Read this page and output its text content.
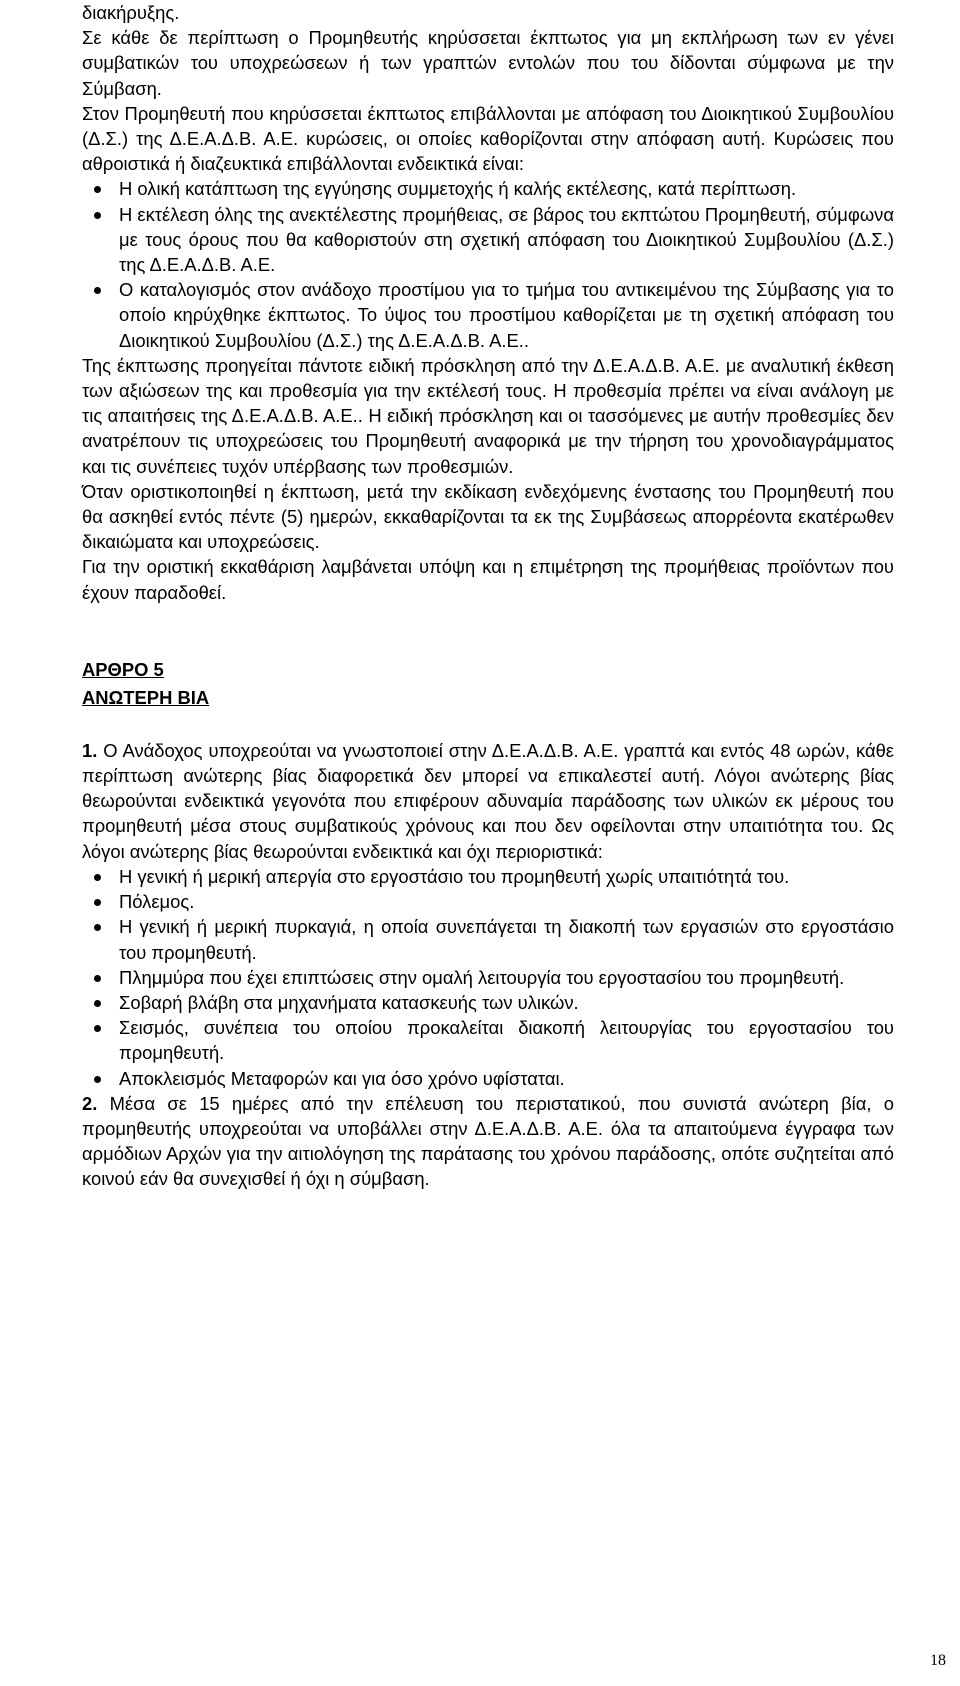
διακήρυξης.

Σε κάθε δε περίπτωση ο Προμηθευτής κηρύσσεται έκπτωτος για μη εκπλήρωση των εν γένει συμβατικών του υποχρεώσεων ή των γραπτών εντολών που του δίδονται σύμφωνα με την Σύμβαση.

Στον Προμηθευτή που κηρύσσεται έκπτωτος επιβάλλονται με απόφαση του Διοικητικού Συμβουλίου (Δ.Σ.) της Δ.Ε.Α.Δ.Β. Α.Ε. κυρώσεις, οι οποίες καθορίζονται στην απόφαση αυτή. Κυρώσεις που αθροιστικά ή διαζευκτικά επιβάλλονται ενδεικτικά είναι:

Η ολική κατάπτωση της εγγύησης συμμετοχής ή καλής εκτέλεσης, κατά περίπτωση.
Η εκτέλεση όλης της ανεκτέλεστης προμήθειας, σε βάρος του εκπτώτου Προμηθευτή, σύμφωνα με τους όρους που θα καθοριστούν στη σχετική απόφαση του Διοικητικού Συμβουλίου (Δ.Σ.) της Δ.Ε.Α.Δ.Β. Α.Ε.
Ο καταλογισμός στον ανάδοχο προστίμου για το τμήμα του αντικειμένου της Σύμβασης για το οποίο κηρύχθηκε έκπτωτος. Το ύψος του προστίμου καθορίζεται με τη σχετική απόφαση του Διοικητικού Συμβουλίου (Δ.Σ.) της Δ.Ε.Α.Δ.Β. Α.Ε..

Της έκπτωσης προηγείται πάντοτε ειδική πρόσκληση από την Δ.Ε.Α.Δ.Β. Α.Ε. με αναλυτική έκθεση των αξιώσεων της και προθεσμία για την εκτέλεσή τους. Η προθεσμία πρέπει να είναι ανάλογη με τις απαιτήσεις της Δ.Ε.Α.Δ.Β. Α.Ε.. Η ειδική πρόσκληση και οι τασσόμενες με αυτήν προθεσμίες δεν ανατρέπουν τις υποχρεώσεις του Προμηθευτή αναφορικά με την τήρηση του χρονοδιαγράμματος και τις συνέπειες τυχόν υπέρβασης των προθεσμιών.

Όταν οριστικοποιηθεί η έκπτωση, μετά την εκδίκαση ενδεχόμενης ένστασης του Προμηθευτή που θα ασκηθεί εντός πέντε (5) ημερών, εκκαθαρίζονται τα εκ της Συμβάσεως απορρέοντα εκατέρωθεν δικαιώματα και υποχρεώσεις.

Για την οριστική εκκαθάριση λαμβάνεται υπόψη και η επιμέτρηση της προμήθειας προϊόντων που έχουν παραδοθεί.

ΑΡΘΡΟ 5

ΑΝΩΤΕΡΗ ΒΙΑ

1. Ο Ανάδοχος υποχρεούται να γνωστοποιεί στην Δ.Ε.Α.Δ.Β. Α.Ε. γραπτά και εντός 48 ωρών, κάθε περίπτωση ανώτερης βίας διαφορετικά δεν μπορεί να επικαλεστεί αυτή. Λόγοι ανώτερης βίας θεωρούνται ενδεικτικά γεγονότα που επιφέρουν αδυναμία παράδοσης των υλικών εκ μέρους του προμηθευτή μέσα στους συμβατικούς χρόνους και που δεν οφείλονται στην υπαιτιότητα του. Ως λόγοι ανώτερης βίας θεωρούνται ενδεικτικά και όχι περιοριστικά:

Η γενική ή μερική απεργία στο εργοστάσιο του προμηθευτή χωρίς υπαιτιότητά του.
Πόλεμος.
Η γενική ή μερική πυρκαγιά, η οποία συνεπάγεται τη διακοπή των εργασιών στο εργοστάσιο του προμηθευτή.
Πλημμύρα που έχει επιπτώσεις στην ομαλή λειτουργία του εργοστασίου του προμηθευτή.
Σοβαρή βλάβη στα μηχανήματα κατασκευής των υλικών.
Σεισμός, συνέπεια του οποίου προκαλείται διακοπή λειτουργίας του εργοστασίου του προμηθευτή.
Αποκλεισμός Μεταφορών και για όσο χρόνο υφίσταται.

2. Μέσα σε 15 ημέρες από την επέλευση του περιστατικού, που συνιστά ανώτερη βία, ο προμηθευτής υποχρεούται να υποβάλλει στην Δ.Ε.Α.Δ.Β. Α.Ε. όλα τα απαιτούμενα έγγραφα των αρμόδιων Αρχών για την αιτιολόγηση της παράτασης του χρόνου παράδοσης, οπότε συζητείται από κοινού εάν θα συνεχισθεί ή όχι η σύμβαση.

18
